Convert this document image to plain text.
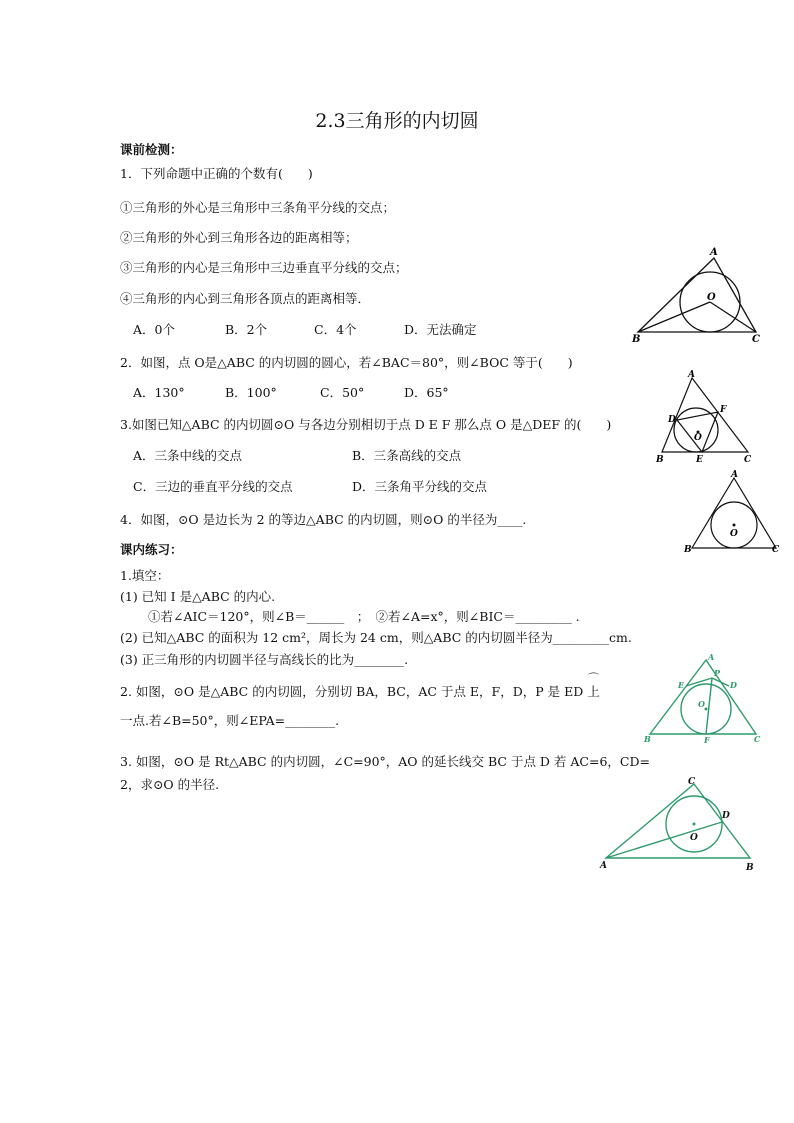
2.3三角形的内切圆
课前检测：
1．下列命题中正确的个数有(　　)
①三角形的外心是三角形中三条角平分线的交点；
②三角形的外心到三角形各边的距离相等；
③三角形的内心是三角形中三边垂直平分线的交点；
④三角形的内心到三角形各顶点的距离相等．
A．0个	B．2个	C．4个	D．无法确定
2．如图，点 O是△ABC 的内切圆的圆心，若∠BAC＝80°，则∠BOC 等于(　　)
A．130°	B．100°	C．50°	D．65°
3.如图已知△ABC 的内切圆⊙O 与各边分别相切于点 D E F 那么点 O 是△DEF 的(　　)
A．三条中线的交点	B．三条高线的交点
C．三边的垂直平分线的交点	D．三条角平分线的交点
4．如图，⊙O 是边长为 2 的等边△ABC 的内切圆，则⊙O 的半径为____.
课内练习：
1.填空：
(1) 已知 I 是△ABC 的内心.
①若∠AIC＝120°，则∠B＝______　；　②若∠A=x°，则∠BIC＝_________ .
(2) 已知△ABC 的面积为 12 cm²，周长为 24 cm，则△ABC 的内切圆半径为_________cm.
(3) 正三角形的内切圆半径与高线长的比为________.
2. 如图，⊙O 是△ABC 的内切圆，分别切 BA，BC，AC 于点 E，F，D，P 是 ED 上
⌒
一点.若∠B=50°，则∠EPA=________.
3. 如图，⊙O 是 Rt△ABC 的内切圆，∠C=90°，AO 的延长线交 BC 于点 D 若 AC=6，CD=
2，求⊙O 的半径.
A
B	C
O
A
B	C
D
E
F
O
A
B	C
O
A
B	C
D
E
F
P
O
A	B
C
D
O
